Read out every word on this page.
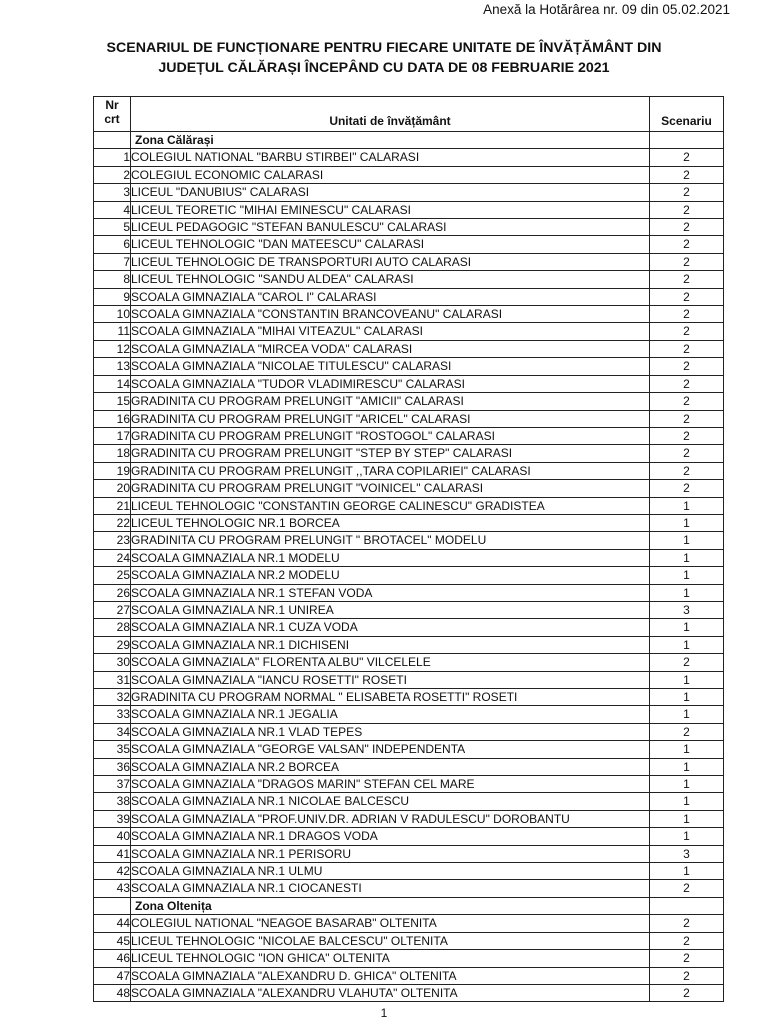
Anexă la Hotărârea nr. 09 din 05.02.2021
SCENARIUL DE FUNCȚIONARE PENTRU FIECARE UNITATE DE ÎNVĂȚĂMÂNT DIN
JUDEȚUL CĂLĂRAȘI ÎNCEPÂND CU DATA DE 08 FEBRUARIE 2021
Nr
crt	Unitati de învățământ	Scenariu
	Zona Călărași	
1	COLEGIUL NATIONAL "BARBU STIRBEI" CALARASI	2
2	COLEGIUL ECONOMIC CALARASI	2
3	LICEUL "DANUBIUS" CALARASI	2
4	LICEUL TEORETIC "MIHAI EMINESCU" CALARASI	2
5	LICEUL PEDAGOGIC "STEFAN BANULESCU" CALARASI	2
6	LICEUL TEHNOLOGIC "DAN MATEESCU" CALARASI	2
7	LICEUL TEHNOLOGIC DE TRANSPORTURI AUTO CALARASI	2
8	LICEUL TEHNOLOGIC "SANDU ALDEA" CALARASI	2
9	SCOALA GIMNAZIALA "CAROL I" CALARASI	2
10	SCOALA GIMNAZIALA "CONSTANTIN BRANCOVEANU" CALARASI	2
11	SCOALA GIMNAZIALA "MIHAI VITEAZUL" CALARASI	2
12	SCOALA GIMNAZIALA "MIRCEA VODA" CALARASI	2
13	SCOALA GIMNAZIALA "NICOLAE TITULESCU" CALARASI	2
14	SCOALA GIMNAZIALA "TUDOR VLADIMIRESCU" CALARASI	2
15	GRADINITA CU PROGRAM PRELUNGIT "AMICII" CALARASI	2
16	GRADINITA CU PROGRAM PRELUNGIT "ARICEL" CALARASI	2
17	GRADINITA CU PROGRAM PRELUNGIT "ROSTOGOL" CALARASI	2
18	GRADINITA CU PROGRAM PRELUNGIT "STEP BY STEP" CALARASI	2
19	GRADINITA CU PROGRAM PRELUNGIT ,,TARA COPILARIEI" CALARASI	2
20	GRADINITA CU PROGRAM PRELUNGIT "VOINICEL" CALARASI	2
21	LICEUL TEHNOLOGIC "CONSTANTIN GEORGE CALINESCU" GRADISTEA	1
22	LICEUL TEHNOLOGIC NR.1 BORCEA	1
23	GRADINITA CU PROGRAM PRELUNGIT " BROTACEL" MODELU	1
24	SCOALA GIMNAZIALA NR.1 MODELU	1
25	SCOALA GIMNAZIALA NR.2 MODELU	1
26	SCOALA GIMNAZIALA NR.1 STEFAN VODA	1
27	SCOALA GIMNAZIALA NR.1 UNIREA	3
28	SCOALA GIMNAZIALA NR.1 CUZA VODA	1
29	SCOALA GIMNAZIALA NR.1 DICHISENI	1
30	SCOALA GIMNAZIALA" FLORENTA ALBU" VILCELELE	2
31	SCOALA GIMNAZIALA "IANCU ROSETTI" ROSETI	1
32	GRADINITA CU PROGRAM NORMAL " ELISABETA ROSETTI" ROSETI	1
33	SCOALA GIMNAZIALA NR.1 JEGALIA	1
34	SCOALA GIMNAZIALA NR.1 VLAD TEPES	2
35	SCOALA GIMNAZIALA "GEORGE VALSAN" INDEPENDENTA	1
36	SCOALA GIMNAZIALA NR.2 BORCEA	1
37	SCOALA GIMNAZIALA "DRAGOS MARIN" STEFAN CEL MARE	1
38	SCOALA GIMNAZIALA NR.1 NICOLAE BALCESCU	1
39	SCOALA GIMNAZIALA "PROF.UNIV.DR. ADRIAN V RADULESCU" DOROBANTU	1
40	SCOALA GIMNAZIALA NR.1 DRAGOS VODA	1
41	SCOALA GIMNAZIALA NR.1 PERISORU	3
42	SCOALA GIMNAZIALA NR.1 ULMU	1
43	SCOALA GIMNAZIALA NR.1 CIOCANESTI	2
	Zona Oltenița	
44	COLEGIUL NATIONAL "NEAGOE BASARAB" OLTENITA	2
45	LICEUL TEHNOLOGIC "NICOLAE BALCESCU" OLTENITA	2
46	LICEUL TEHNOLOGIC "ION GHICA" OLTENITA	2
47	SCOALA GIMNAZIALA "ALEXANDRU D. GHICA" OLTENITA	2
48	SCOALA GIMNAZIALA "ALEXANDRU VLAHUTA" OLTENITA	2
1
